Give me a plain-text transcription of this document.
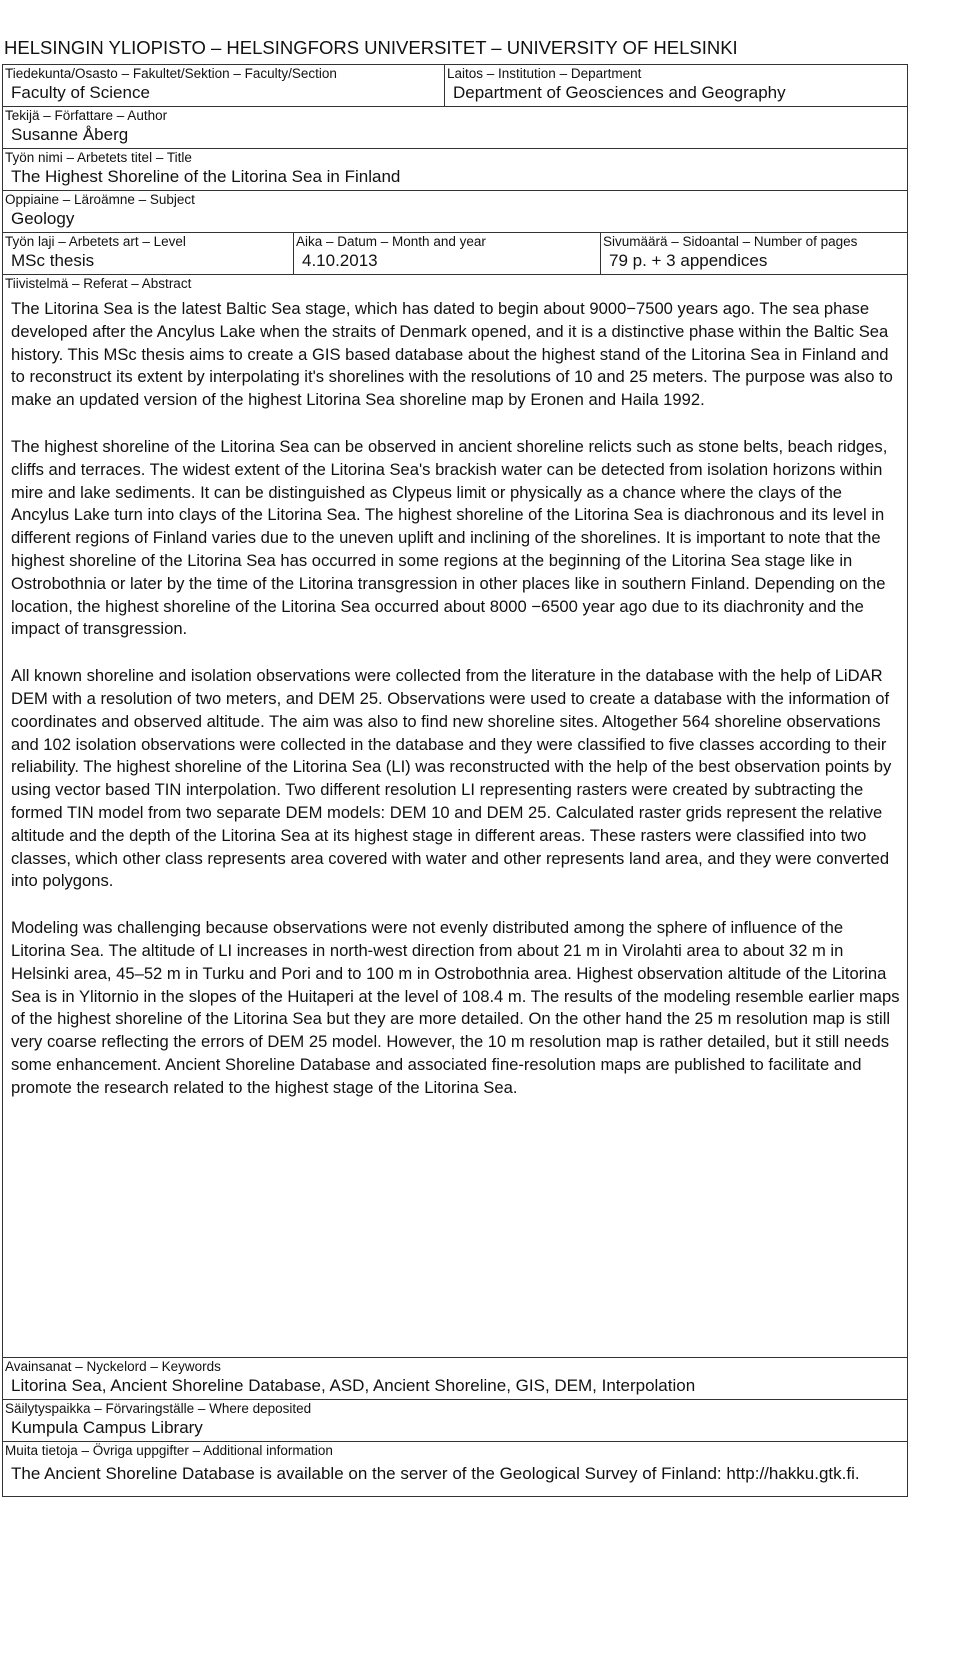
HELSINGIN YLIOPISTO – HELSINGFORS UNIVERSITET – UNIVERSITY OF HELSINKI
Tiedekunta/Osasto – Fakultet/Sektion – Faculty/Section
Faculty of Science
Laitos – Institution – Department
Department of Geosciences and Geography
Tekijä – Författare – Author
Susanne Åberg
Työn nimi – Arbetets titel – Title
The Highest Shoreline of the Litorina Sea in Finland
Oppiaine – Läroämne – Subject
Geology
Työn laji – Arbetets art – Level
MSc thesis
Aika – Datum – Month and year
4.10.2013
Sivumäärä – Sidoantal – Number of pages
79 p. + 3 appendices
Tiivistelmä – Referat – Abstract

The Litorina Sea is the latest Baltic Sea stage, which has dated to begin about 9000−7500 years ago. The sea phase developed after the Ancylus Lake when the straits of Denmark opened, and it is a distinctive phase within the Baltic Sea history. This MSc thesis aims to create a GIS based database about the highest stand of the Litorina Sea in Finland and to reconstruct its extent by interpolating it's shorelines with the resolutions of 10 and 25 meters. The purpose was also to make an updated version of the highest Litorina Sea shoreline map by Eronen and Haila 1992.

The highest shoreline of the Litorina Sea can be observed in ancient shoreline relicts such as stone belts, beach ridges, cliffs and terraces. The widest extent of the Litorina Sea's brackish water can be detected from isolation horizons within mire and lake sediments. It can be distinguished as Clypeus limit or physically as a chance where the clays of the Ancylus Lake turn into clays of the Litorina Sea. The highest shoreline of the Litorina Sea is diachronous and its level in different regions of Finland varies due to the uneven uplift and inclining of the shorelines. It is important to note that the highest shoreline of the Litorina Sea has occurred in some regions at the beginning of the Litorina Sea stage like in Ostrobothnia or later by the time of the Litorina transgression in other places like in southern Finland. Depending on the location, the highest shoreline of the Litorina Sea occurred about 8000 −6500 year ago due to its diachronity and the impact of transgression.

All known shoreline and isolation observations were collected from the literature in the database with the help of LiDAR DEM with a resolution of two meters, and DEM 25. Observations were used to create a database with the information of coordinates and observed altitude. The aim was also to find new shoreline sites. Altogether 564 shoreline observations and 102 isolation observations were collected in the database and they were classified to five classes according to their reliability. The highest shoreline of the Litorina Sea (LI) was reconstructed with the help of the best observation points by using vector based TIN interpolation. Two different resolution LI representing rasters were created by subtracting the formed TIN model from two separate DEM models: DEM 10 and DEM 25. Calculated raster grids represent the relative altitude and the depth of the Litorina Sea at its highest stage in different areas. These rasters were classified into two classes, which other class represents area covered with water and other represents land area, and they were converted into polygons.

Modeling was challenging because observations were not evenly distributed among the sphere of influence of the Litorina Sea. The altitude of LI increases in north-west direction from about 21 m in Virolahti area to about 32 m in Helsinki area, 45–52 m in Turku and Pori and to 100 m in Ostrobothnia area. Highest observation altitude of the Litorina Sea is in Ylitornio in the slopes of the Huitaperi at the level of 108.4 m. The results of the modeling resemble earlier maps of the highest shoreline of the Litorina Sea but they are more detailed. On the other hand the 25 m resolution map is still very coarse reflecting the errors of DEM 25 model. However, the 10 m resolution map is rather detailed, but it still needs some enhancement. Ancient Shoreline Database and associated fine-resolution maps are published to facilitate and promote the research related to the highest stage of the Litorina Sea.

Avainsanat – Nyckelord – Keywords
Litorina Sea, Ancient Shoreline Database, ASD, Ancient Shoreline, GIS, DEM, Interpolation
Säilytyspaikka – Förvaringställe – Where deposited
Kumpula Campus Library
Muita tietoja – Övriga uppgifter – Additional information
The Ancient Shoreline Database is available on the server of the Geological Survey of Finland: http://hakku.gtk.fi.
